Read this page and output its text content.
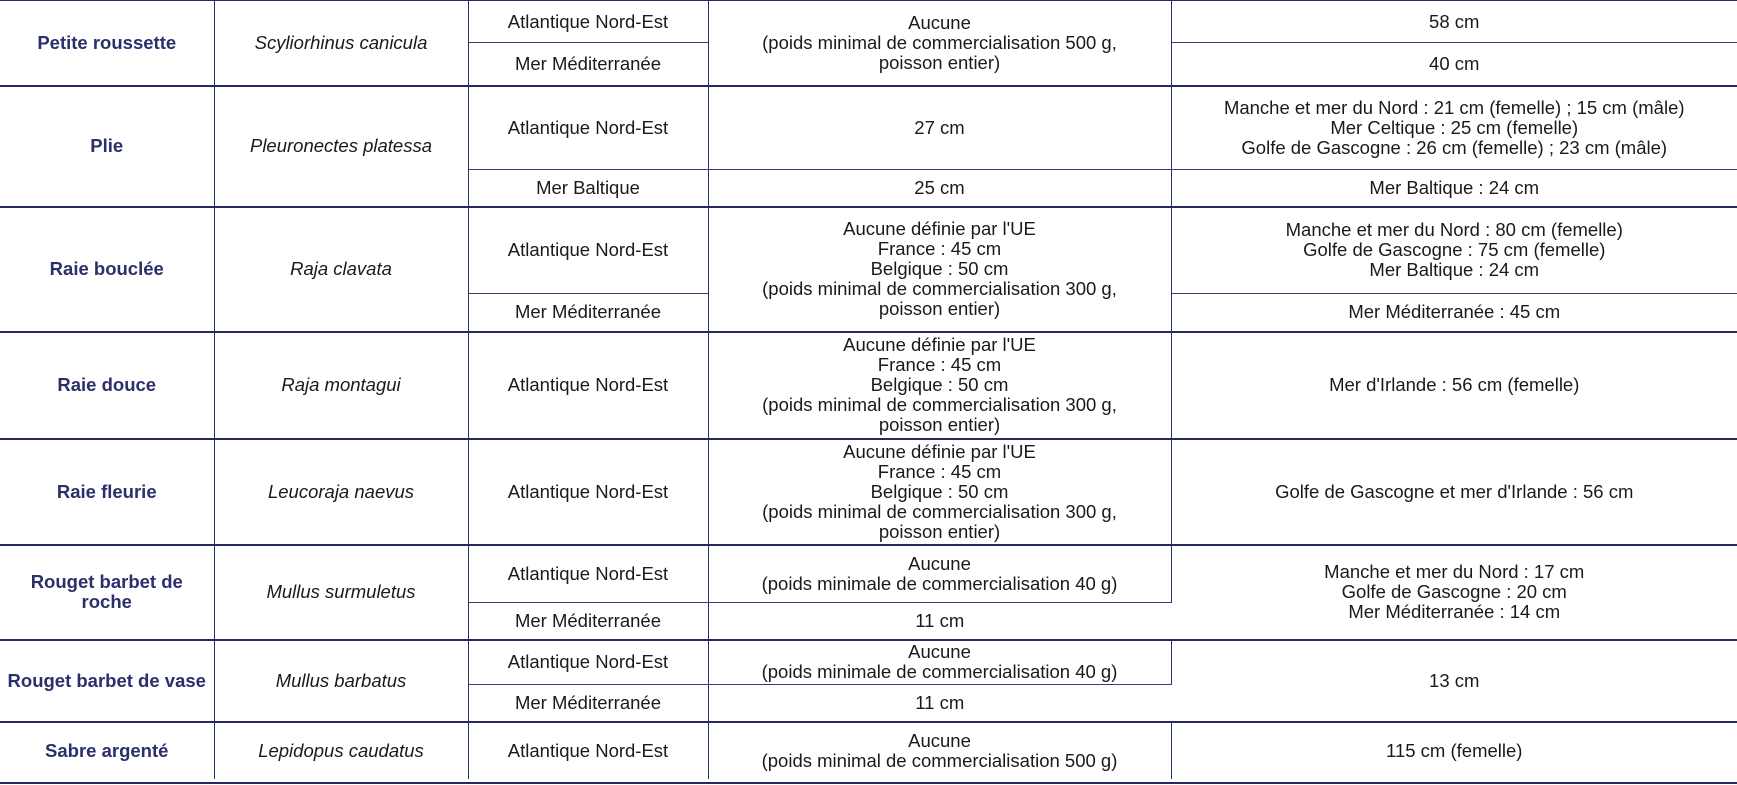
Petite roussette	Scyliorhinus canicula	Atlantique Nord-Est	Aucune
(poids minimal de commercialisation 500 g,
poisson entier)	58 cm
		Mer Méditerranée		40 cm
Plie	Pleuronectes platessa	Atlantique Nord-Est	27 cm	Manche et mer du Nord : 21 cm (femelle) ; 15 cm (mâle)
Mer Celtique : 25 cm (femelle)
Golfe de Gascogne : 26 cm (femelle) ; 23 cm (mâle)

		Mer Baltique	25 cm	Mer Baltique : 24 cm
Raie bouclée	Raja clavata	Atlantique Nord-Est	Aucune définie par l'UE
France : 45 cm
Belgique : 50 cm
(poids minimal de commercialisation 300 g,
poisson entier)	Manche et mer du Nord : 80 cm (femelle)
Golfe de Gascogne : 75 cm (femelle)
Mer Baltique : 24 cm

		Mer Méditerranée		Mer Méditerranée : 45 cm
Raie douce	Raja montagui	Atlantique Nord-Est	Aucune définie par l'UE
France : 45 cm
Belgique : 50 cm
(poids minimal de commercialisation 300 g,
poisson entier)	Mer d'Irlande : 56 cm (femelle)
Raie fleurie	Leucoraja naevus	Atlantique Nord-Est	Aucune définie par l'UE
France : 45 cm
Belgique : 50 cm
(poids minimal de commercialisation 300 g,
poisson entier)	Golfe de Gascogne et mer d'Irlande : 56 cm
Rouget barbet de roche	Mullus surmuletus	Atlantique Nord-Est	Aucune
(poids minimale de commercialisation 40 g)	Manche et mer du Nord : 17 cm
Golfe de Gascogne : 20 cm
Mer Méditerranée : 14 cm

		Mer Méditerranée	11 cm	
Rouget barbet de vase	Mullus barbatus	Atlantique Nord-Est	Aucune
(poids minimale de commercialisation 40 g)	13 cm
		Mer Méditerranée	11 cm	
Sabre argenté	Lepidopus caudatus	Atlantique Nord-Est	Aucune
(poids minimal de commercialisation 500 g)	115 cm (femelle)
